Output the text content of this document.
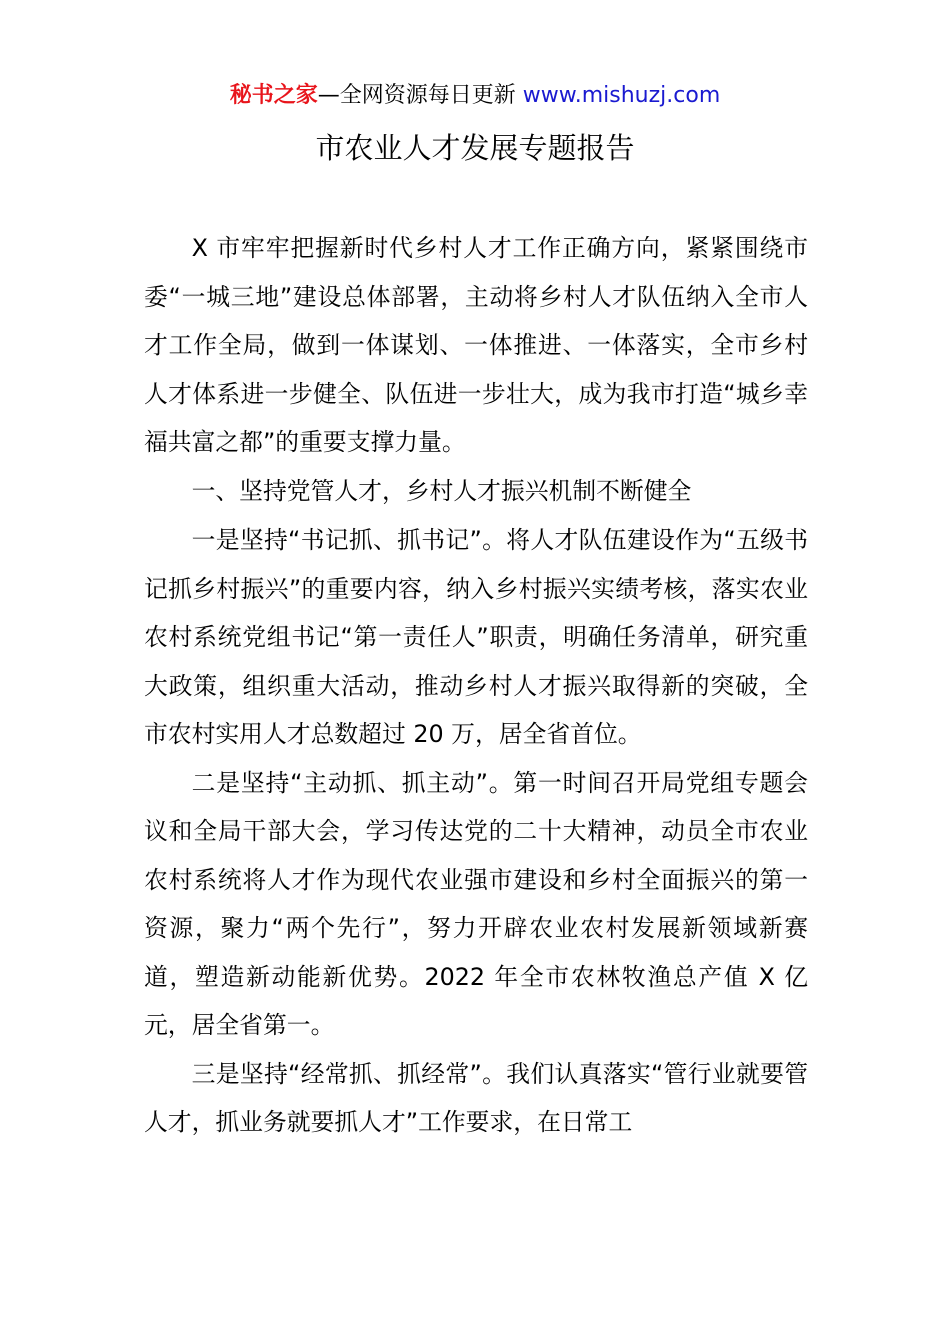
秘书之家—全网资源每日更新 www.mishuzj.com
市农业人才发展专题报告

X 市牢牢把握新时代乡村人才工作正确方向，紧紧围绕市委“一城三地”建设总体部署，主动将乡村人才队伍纳入全市人才工作全局，做到一体谋划、一体推进、一体落实，全市乡村人才体系进一步健全、队伍进一步壮大，成为我市打造“城乡幸福共富之都”的重要支撑力量。

一、坚持党管人才，乡村人才振兴机制不断健全

一是坚持“书记抓、抓书记”。将人才队伍建设作为“五级书记抓乡村振兴”的重要内容，纳入乡村振兴实绩考核，落实农业农村系统党组书记“第一责任人”职责，明确任务清单，研究重大政策，组织重大活动，推动乡村人才振兴取得新的突破，全市农村实用人才总数超过 20 万，居全省首位。

二是坚持“主动抓、抓主动”。第一时间召开局党组专题会议和全局干部大会，学习传达党的二十大精神，动员全市农业农村系统将人才作为现代农业强市建设和乡村全面振兴的第一资源，聚力“两个先行”，努力开辟农业农村发展新领域新赛道，塑造新动能新优势。2022 年全市农林牧渔总产值 X 亿元，居全省第一。

三是坚持“经常抓、抓经常”。我们认真落实“管行业就要管人才，抓业务就要抓人才”工作要求，在日常工
